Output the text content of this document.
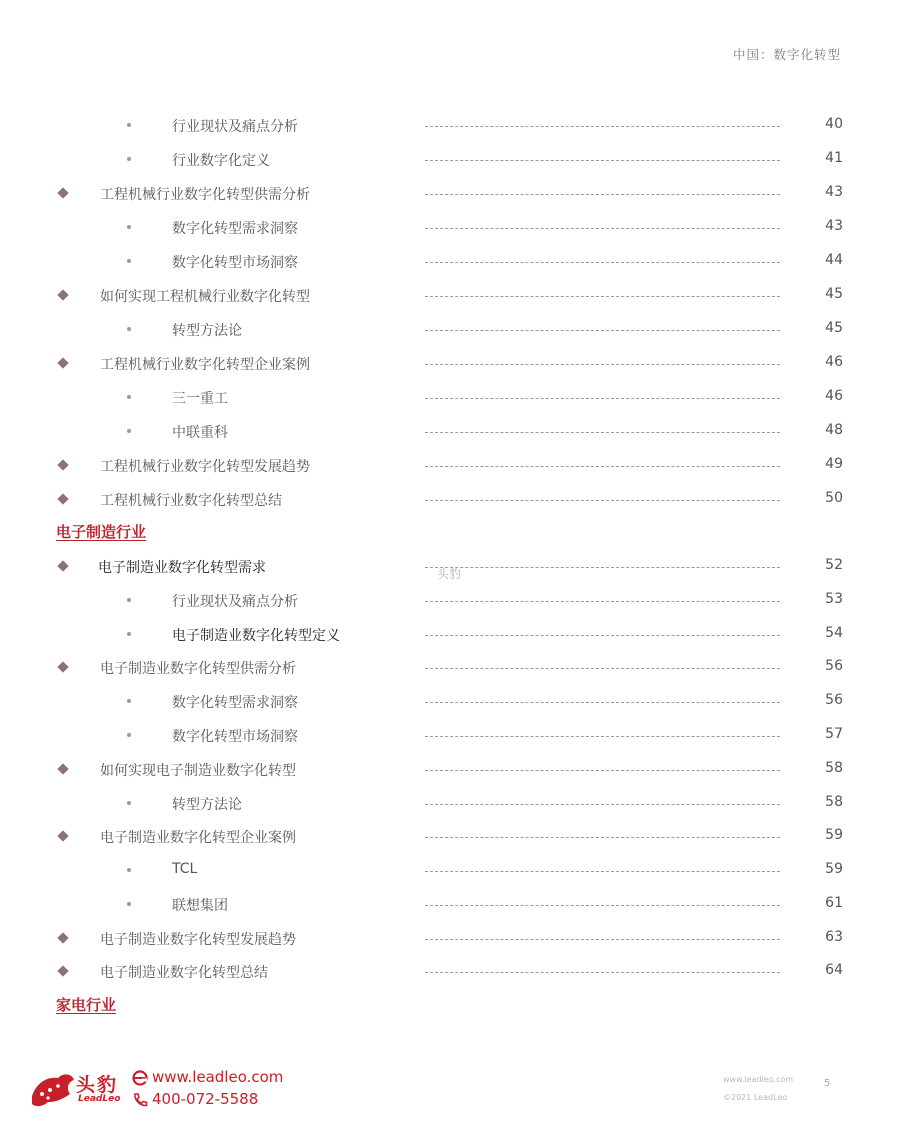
中国：数字化转型
行业现状及痛点分析	40
行业数字化定义	41
工程机械行业数字化转型供需分析	43
数字化转型需求洞察	43
数字化转型市场洞察	44
如何实现工程机械行业数字化转型	45
转型方法论	45
工程机械行业数字化转型企业案例	46
三一重工	46
中联重科	48
工程机械行业数字化转型发展趋势	49
工程机械行业数字化转型总结	50
电子制造行业
电子制造业数字化转型需求	52
行业现状及痛点分析	53
电子制造业数字化转型定义	54
电子制造业数字化转型供需分析	56
数字化转型需求洞察	56
数字化转型市场洞察	57
如何实现电子制造业数字化转型	58
转型方法论	58
电子制造业数字化转型企业案例	59
TCL	59
联想集团	61
电子制造业数字化转型发展趋势	63
电子制造业数字化转型总结	64
家电行业
头豹
头豹
LeadLeo
www.leadleo.com
400-072-5588
www.leadleo.com
©2021 LeadLeo
5
